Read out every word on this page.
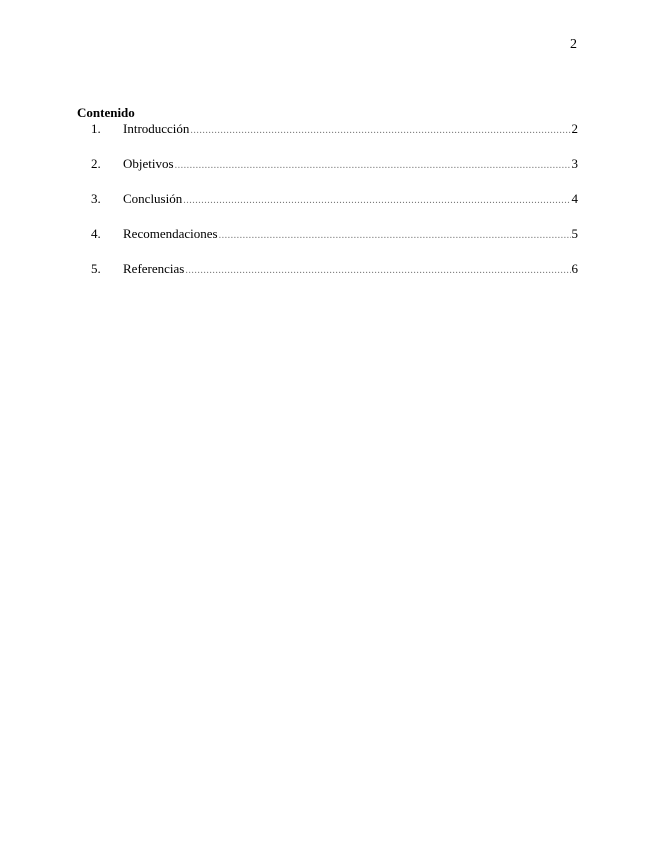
2
Contenido
1.	Introducción .....	2
2.	Objetivos .....	3
3.	Conclusión .....	4
4.	Recomendaciones .....	5
5.	Referencias .....	6
